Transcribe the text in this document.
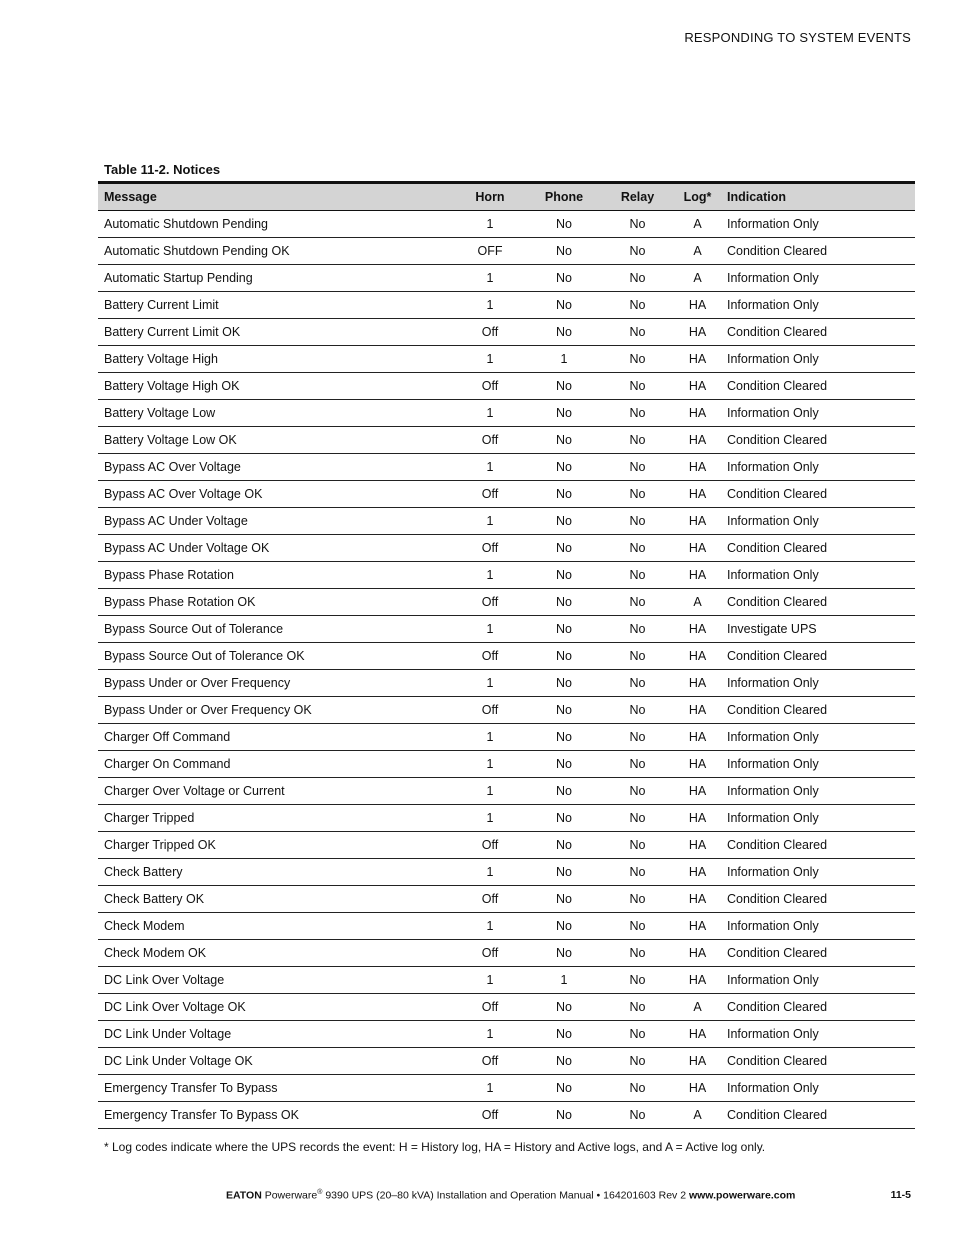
RESPONDING TO SYSTEM EVENTS
Table 11-2. Notices
Message	Horn	Phone	Relay	Log*	Indication
Automatic Shutdown Pending	1	No	No	A	Information Only
Automatic Shutdown Pending OK	OFF	No	No	A	Condition Cleared
Automatic Startup Pending	1	No	No	A	Information Only
Battery Current Limit	1	No	No	HA	Information Only
Battery Current Limit OK	Off	No	No	HA	Condition Cleared
Battery Voltage High	1	1	No	HA	Information Only
Battery Voltage High OK	Off	No	No	HA	Condition Cleared
Battery Voltage Low	1	No	No	HA	Information Only
Battery Voltage Low OK	Off	No	No	HA	Condition Cleared
Bypass AC Over Voltage	1	No	No	HA	Information Only
Bypass AC Over Voltage OK	Off	No	No	HA	Condition Cleared
Bypass AC Under Voltage	1	No	No	HA	Information Only
Bypass AC Under Voltage OK	Off	No	No	HA	Condition Cleared
Bypass Phase Rotation	1	No	No	HA	Information Only
Bypass Phase Rotation OK	Off	No	No	A	Condition Cleared
Bypass Source Out of Tolerance	1	No	No	HA	Investigate UPS
Bypass Source Out of Tolerance OK	Off	No	No	HA	Condition Cleared
Bypass Under or Over Frequency	1	No	No	HA	Information Only
Bypass Under or Over Frequency OK	Off	No	No	HA	Condition Cleared
Charger Off Command	1	No	No	HA	Information Only
Charger On Command	1	No	No	HA	Information Only
Charger Over Voltage or Current	1	No	No	HA	Information Only
Charger Tripped	1	No	No	HA	Information Only
Charger Tripped OK	Off	No	No	HA	Condition Cleared
Check Battery	1	No	No	HA	Information Only
Check Battery OK	Off	No	No	HA	Condition Cleared
Check Modem	1	No	No	HA	Information Only
Check Modem OK	Off	No	No	HA	Condition Cleared
DC Link Over Voltage	1	1	No	HA	Information Only
DC Link Over Voltage OK	Off	No	No	A	Condition Cleared
DC Link Under Voltage	1	No	No	HA	Information Only
DC Link Under Voltage OK	Off	No	No	HA	Condition Cleared
Emergency Transfer To Bypass	1	No	No	HA	Information Only
Emergency Transfer To Bypass OK	Off	No	No	A	Condition Cleared
* Log codes indicate where the UPS records the event: H = History log, HA = History and Active logs, and A = Active log only.
EATON Powerware® 9390 UPS (20–80 kVA) Installation and Operation Manual • 164201603 Rev 2 www.powerware.com	11-5
